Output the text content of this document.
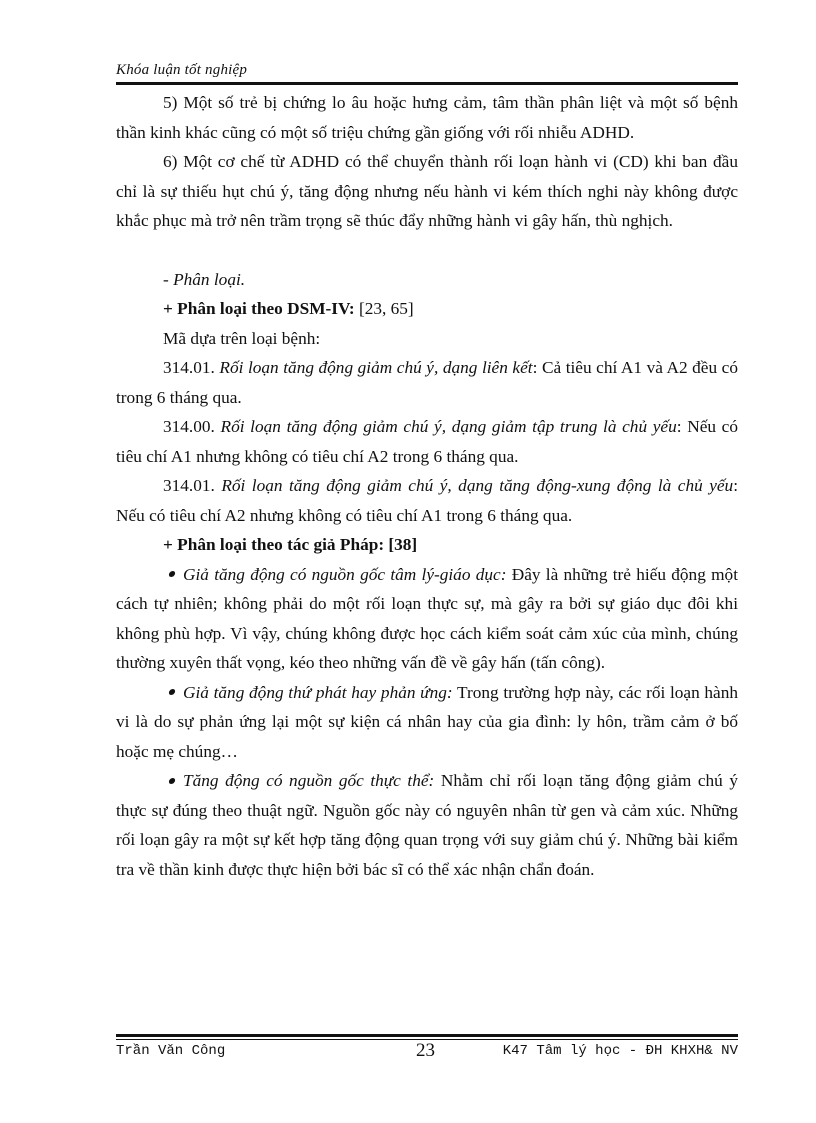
Khóa luận tốt nghiệp

5) Một số trẻ bị chứng lo âu hoặc hưng cảm, tâm thần phân liệt và một số bệnh thần kinh khác cũng có một số triệu chứng gần giống với rối nhiễu ADHD.

6) Một cơ chế từ ADHD có thể chuyển thành rối loạn hành vi (CD) khi ban đầu chỉ là sự thiếu hụt chú ý, tăng động nhưng nếu hành vi kém thích nghi này không được khắc phục mà trở nên trầm trọng sẽ thúc đẩy những hành vi gây hấn, thù nghịch.

- Phân loại.

+ Phân loại theo DSM-IV: [23, 65]

Mã dựa trên loại bệnh:

314.01. Rối loạn tăng động giảm chú ý, dạng liên kết: Cả tiêu chí A1 và A2 đều có trong 6 tháng qua.

314.00. Rối loạn tăng động giảm chú ý, dạng giảm tập trung là chủ yếu: Nếu có tiêu chí A1 nhưng không có tiêu chí A2 trong 6 tháng qua.

314.01. Rối loạn tăng động giảm chú ý, dạng tăng động-xung động là chủ yếu: Nếu có tiêu chí A2 nhưng không có tiêu chí A1 trong 6 tháng qua.

+ Phân loại theo tác giả Pháp: [38]

Giả tăng động có nguồn gốc tâm lý-giáo dục: Đây là những trẻ hiếu động một cách tự nhiên; không phải do một rối loạn thực sự, mà gây ra bởi sự giáo dục đôi khi không phù hợp. Vì vậy, chúng không được học cách kiểm soát cảm xúc của mình, chúng thường xuyên thất vọng, kéo theo những vấn đề về gây hấn (tấn công).

Giả tăng động thứ phát hay phản ứng: Trong trường hợp này, các rối loạn hành vi là do sự phản ứng lại một sự kiện cá nhân hay của gia đình: ly hôn, trầm cảm ở bố hoặc mẹ chúng…

Tăng động có nguồn gốc thực thể: Nhằm chỉ rối loạn tăng động giảm chú ý thực sự đúng theo thuật ngữ. Nguồn gốc này có nguyên nhân từ gen và cảm xúc. Những rối loạn gây ra một sự kết hợp tăng động quan trọng với suy giảm chú ý. Những bài kiểm tra về thần kinh được thực hiện bởi bác sĩ có thể xác nhận chẩn đoán.

Trần Văn Công	23	K47 Tâm lý học - ĐH KHXH& NV
